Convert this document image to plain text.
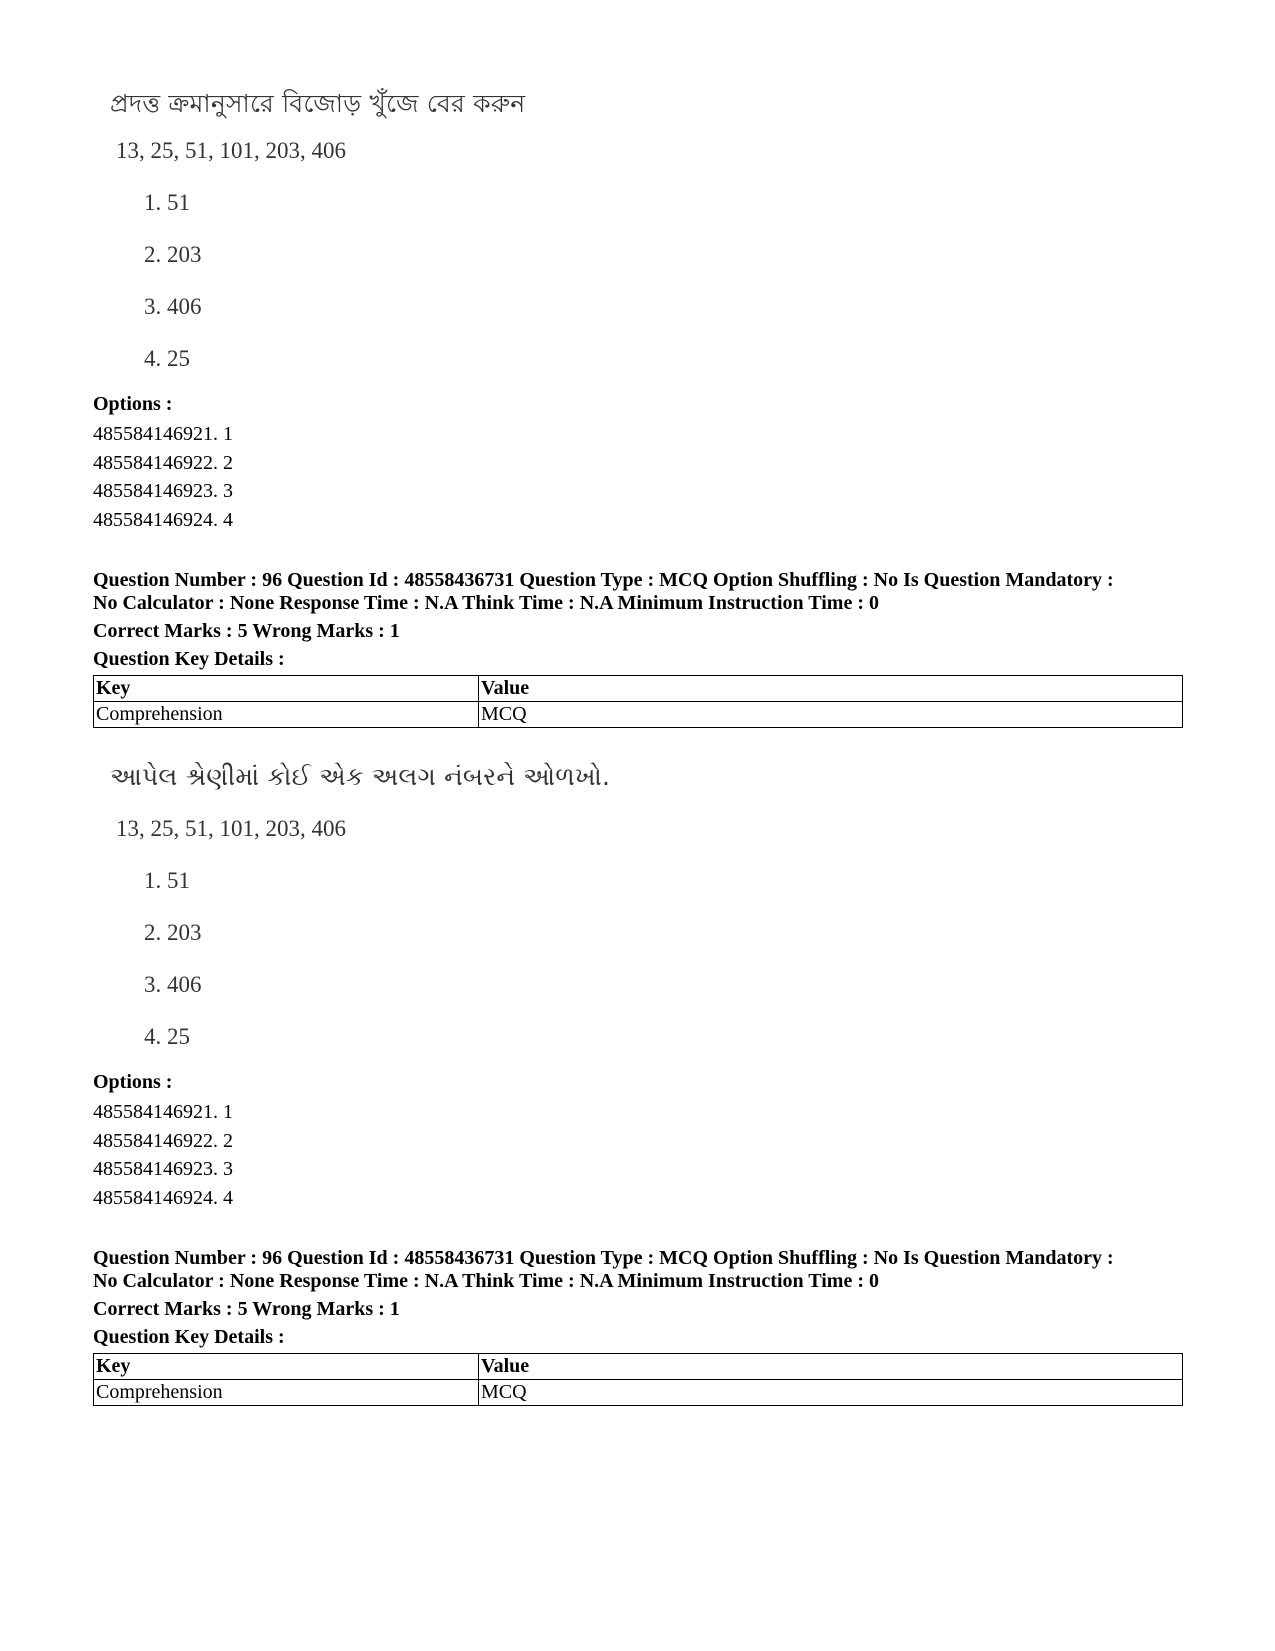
প্রদত্ত ক্রমানুসারে বিজোড় খুঁজে বের করুন
13, 25, 51, 101, 203, 406
1. 51
2. 203
3. 406
4. 25
Options :
485584146921. 1
485584146922. 2
485584146923. 3
485584146924. 4
Question Number : 96 Question Id : 48558436731 Question Type : MCQ Option Shuffling : No Is Question Mandatory :
No Calculator : None Response Time : N.A Think Time : N.A Minimum Instruction Time : 0
Correct Marks : 5 Wrong Marks : 1
Question Key Details :
Key	Value
Comprehension	MCQ
આપેલ શ્રેણીમાં કોઈ એક અલગ નંબરને ઓળખો.
13, 25, 51, 101, 203, 406
1. 51
2. 203
3. 406
4. 25
Options :
485584146921. 1
485584146922. 2
485584146923. 3
485584146924. 4
Question Number : 96 Question Id : 48558436731 Question Type : MCQ Option Shuffling : No Is Question Mandatory :
No Calculator : None Response Time : N.A Think Time : N.A Minimum Instruction Time : 0
Correct Marks : 5 Wrong Marks : 1
Question Key Details :
Key	Value
Comprehension	MCQ
